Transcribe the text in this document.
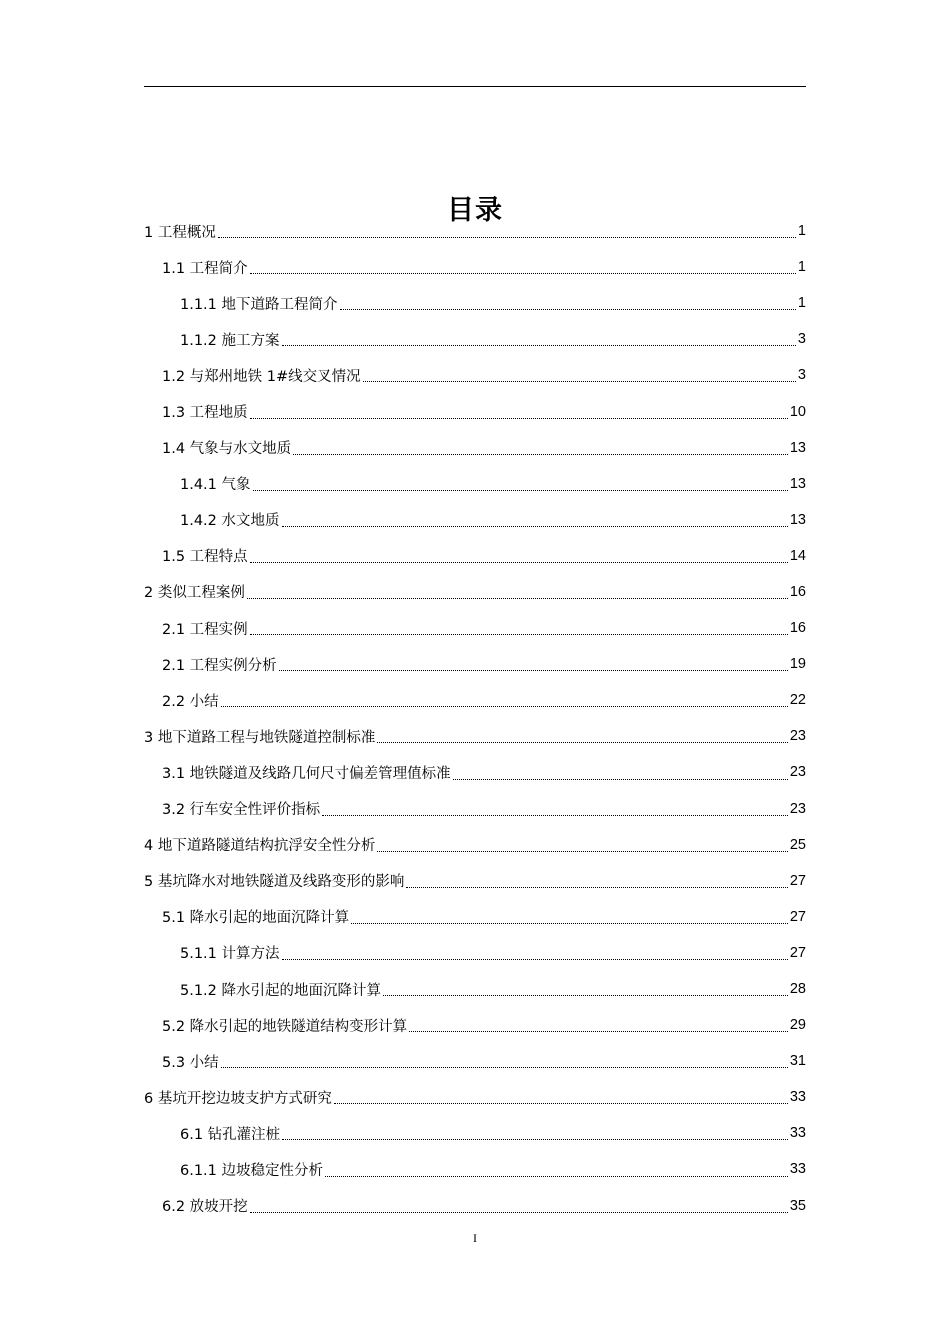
目录
1 工程概况	1
1.1 工程简介	1
1.1.1 地下道路工程简介	1
1.1.2 施工方案	3
1.2 与郑州地铁 1#线交叉情况	3
1.3 工程地质	10
1.4 气象与水文地质	13
1.4.1 气象	13
1.4.2 水文地质	13
1.5 工程特点	14
2 类似工程案例	16
2.1 工程实例	16
2.1 工程实例分析	19
2.2 小结	22
3 地下道路工程与地铁隧道控制标准	23
3.1 地铁隧道及线路几何尺寸偏差管理值标准	23
3.2 行车安全性评价指标	23
4 地下道路隧道结构抗浮安全性分析	25
5 基坑降水对地铁隧道及线路变形的影响	27
5.1 降水引起的地面沉降计算	27
5.1.1 计算方法	27
5.1.2 降水引起的地面沉降计算	28
5.2 降水引起的地铁隧道结构变形计算	29
5.3 小结	31
6 基坑开挖边坡支护方式研究	33
6.1 钻孔灌注桩	33
6.1.1 边坡稳定性分析	33
6.2 放坡开挖	35
I
